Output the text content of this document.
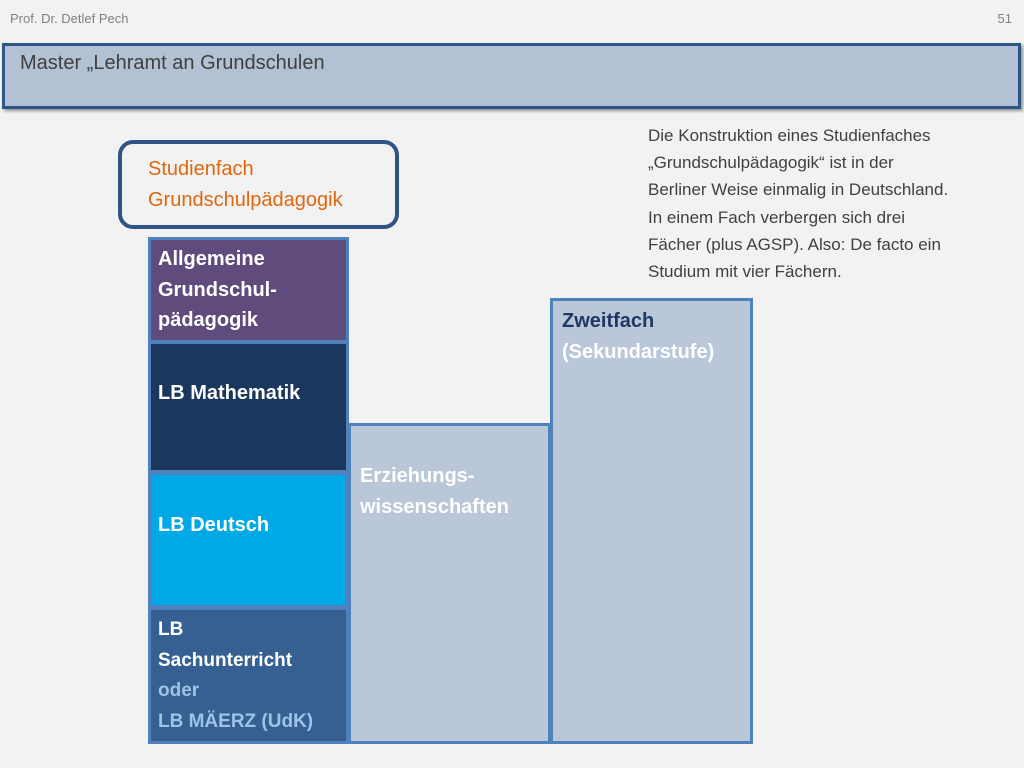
Prof. Dr. Detlef Pech	51
Master „Lehramt an Grundschulen
Studienfach
Grundschulpädagogik
Allgemeine
Grundschul-
pädagogik
LB Mathematik
LB Deutsch
LB
Sachunterricht
oder
LB MÄERZ (UdK)
Erziehungs-
wissenschaften
Zweitfach
(Sekundarstufe)
Die Konstruktion eines Studienfaches
„Grundschulpädagogik“ ist in der
Berliner Weise einmalig in Deutschland.
In einem Fach verbergen sich drei
Fächer (plus AGSP). Also: De facto ein
Studium mit vier Fächern.
